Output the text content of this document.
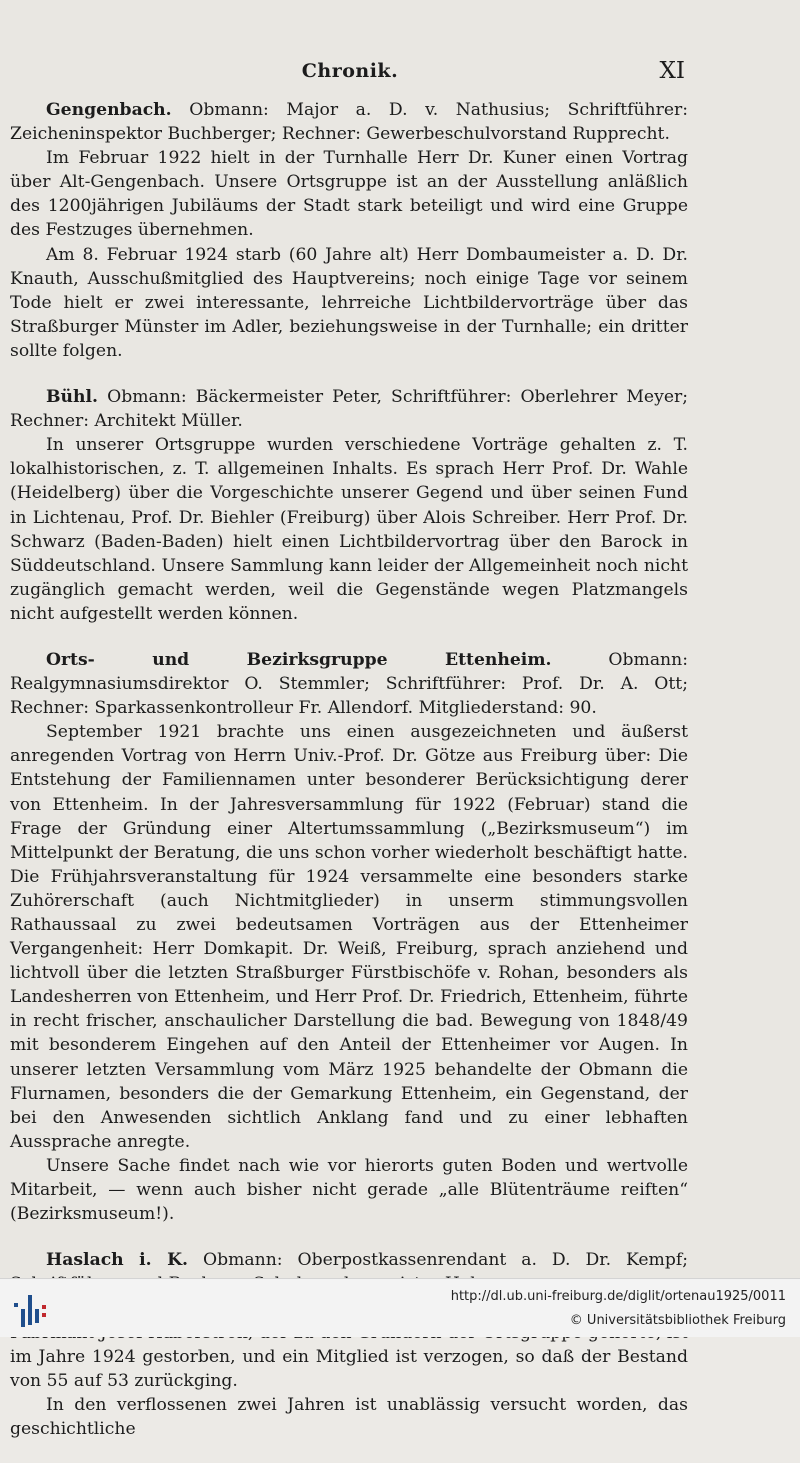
Chronik.	XI

Gengenbach. Obmann: Major a. D. v. Nathusius; Schriftführer: Zeicheninspektor Buchberger; Rechner: Gewerbeschulvorstand Rupprecht.

Im Februar 1922 hielt in der Turnhalle Herr Dr. Kuner einen Vortrag über Alt-Gengenbach. Unsere Ortsgruppe ist an der Ausstellung anläßlich des 1200jährigen Jubiläums der Stadt stark beteiligt und wird eine Gruppe des Festzuges übernehmen.

Am 8. Februar 1924 starb (60 Jahre alt) Herr Dombaumeister a. D. Dr. Knauth, Ausschußmitglied des Hauptvereins; noch einige Tage vor seinem Tode hielt er zwei interessante, lehrreiche Lichtbildervorträge über das Straßburger Münster im Adler, beziehungsweise in der Turnhalle; ein dritter sollte folgen.

Bühl. Obmann: Bäckermeister Peter, Schriftführer: Oberlehrer Meyer; Rechner: Architekt Müller.

In unserer Ortsgruppe wurden verschiedene Vorträge gehalten z. T. lokalhistorischen, z. T. allgemeinen Inhalts. Es sprach Herr Prof. Dr. Wahle (Heidelberg) über die Vorgeschichte unserer Gegend und über seinen Fund in Lichtenau, Prof. Dr. Biehler (Freiburg) über Alois Schreiber. Herr Prof. Dr. Schwarz (Baden-Baden) hielt einen Lichtbildervortrag über den Barock in Süddeutschland. Unsere Sammlung kann leider der Allgemeinheit noch nicht zugänglich gemacht werden, weil die Gegenstände wegen Platzmangels nicht aufgestellt werden können.

Orts- und Bezirksgruppe Ettenheim.	Obmann: Realgymnasiumsdirektor O. Stemmler; Schriftführer: Prof. Dr. A. Ott; Rechner: Sparkassenkontrolleur Fr. Allendorf. Mitgliederstand: 90.

September 1921 brachte uns einen ausgezeichneten und äußerst anregenden Vortrag von Herrn Univ.-Prof. Dr. Götze aus Freiburg über: Die Entstehung der Familiennamen unter besonderer Berücksichtigung derer von Ettenheim. In der Jahresversammlung für 1922 (Februar) stand die Frage der Gründung einer Altertumssammlung („Bezirksmuseum“) im Mittelpunkt der Beratung, die uns schon vorher wiederholt beschäftigt hatte. Die Frühjahrsveranstaltung für 1924 versammelte eine besonders starke Zuhörerschaft (auch Nichtmitglieder) in unserm stimmungsvollen Rathaussaal zu zwei bedeutsamen Vorträgen aus der Ettenheimer Vergangenheit: Herr Domkapit. Dr. Weiß, Freiburg, sprach anziehend und lichtvoll über die letzten Straßburger Fürstbischöfe v. Rohan, besonders als Landesherren von Ettenheim, und Herr Prof. Dr. Friedrich, Ettenheim, führte in recht frischer, anschaulicher Darstellung die bad. Bewegung von 1848/49 mit besonderem Eingehen auf den Anteil der Ettenheimer vor Augen. In unserer letzten Versammlung vom März 1925 behandelte der Obmann die Flurnamen, besonders die der Gemarkung Ettenheim, ein Gegenstand, der bei den Anwesenden sichtlich Anklang fand und zu einer lebhaften Aussprache anregte.

Unsere Sache findet nach wie vor hierorts guten Boden und wertvolle Mitarbeit, — wenn auch bisher nicht gerade „alle Blütenträume reiften“ (Bezirksmuseum!).

Haslach i. K. Obmann: Oberpostkassenrendant a. D. Dr. Kempf;

im Jahre 1924 gestorben, und ein Mitglied ist verzogen, so daß der Bestand von 55 auf 53 zurückging.

In den verflossenen zwei Jahren ist unablässig versucht worden, das geschichtliche

http://dl.ub.uni-freiburg.de/diglit/ortenau1925/0011
© Universitätsbibliothek Freiburg
